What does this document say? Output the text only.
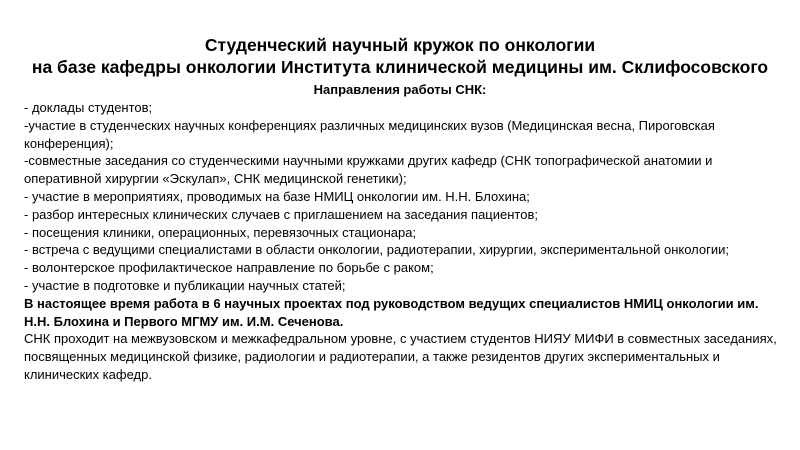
Студенческий научный кружок по онкологии
на базе кафедры онкологии Института клинической медицины им. Склифосовского
Направления работы СНК:

- доклады студентов;

-участие в студенческих научных конференциях различных медицинских вузов (Медицинская весна, Пироговская конференция);

-совместные заседания со студенческими научными кружками других кафедр (СНК топографической анатомии и оперативной хирургии «Эскулап», СНК медицинской генетики);

- участие в мероприятиях, проводимых на базе НМИЦ онкологии им. Н.Н. Блохина;

- разбор интересных клинических случаев с приглашением на заседания пациентов;

- посещения клиники, операционных, перевязочных стационара;

- встреча с ведущими специалистами в области онкологии, радиотерапии, хирургии, экспериментальной онкологии;

- волонтерское профилактическое направление по борьбе с раком;

- участие в подготовке и публикации научных статей;

В настоящее время работа в 6 научных проектах под руководством ведущих специалистов НМИЦ онкологии им. Н.Н. Блохина и Первого МГМУ им. И.М. Сеченова.

СНК проходит на межвузовском и межкафедральном уровне, с участием студентов НИЯУ МИФИ в совместных заседаниях, посвященных медицинской физике, радиологии и радиотерапии, а также резидентов других экспериментальных и клинических кафедр.
